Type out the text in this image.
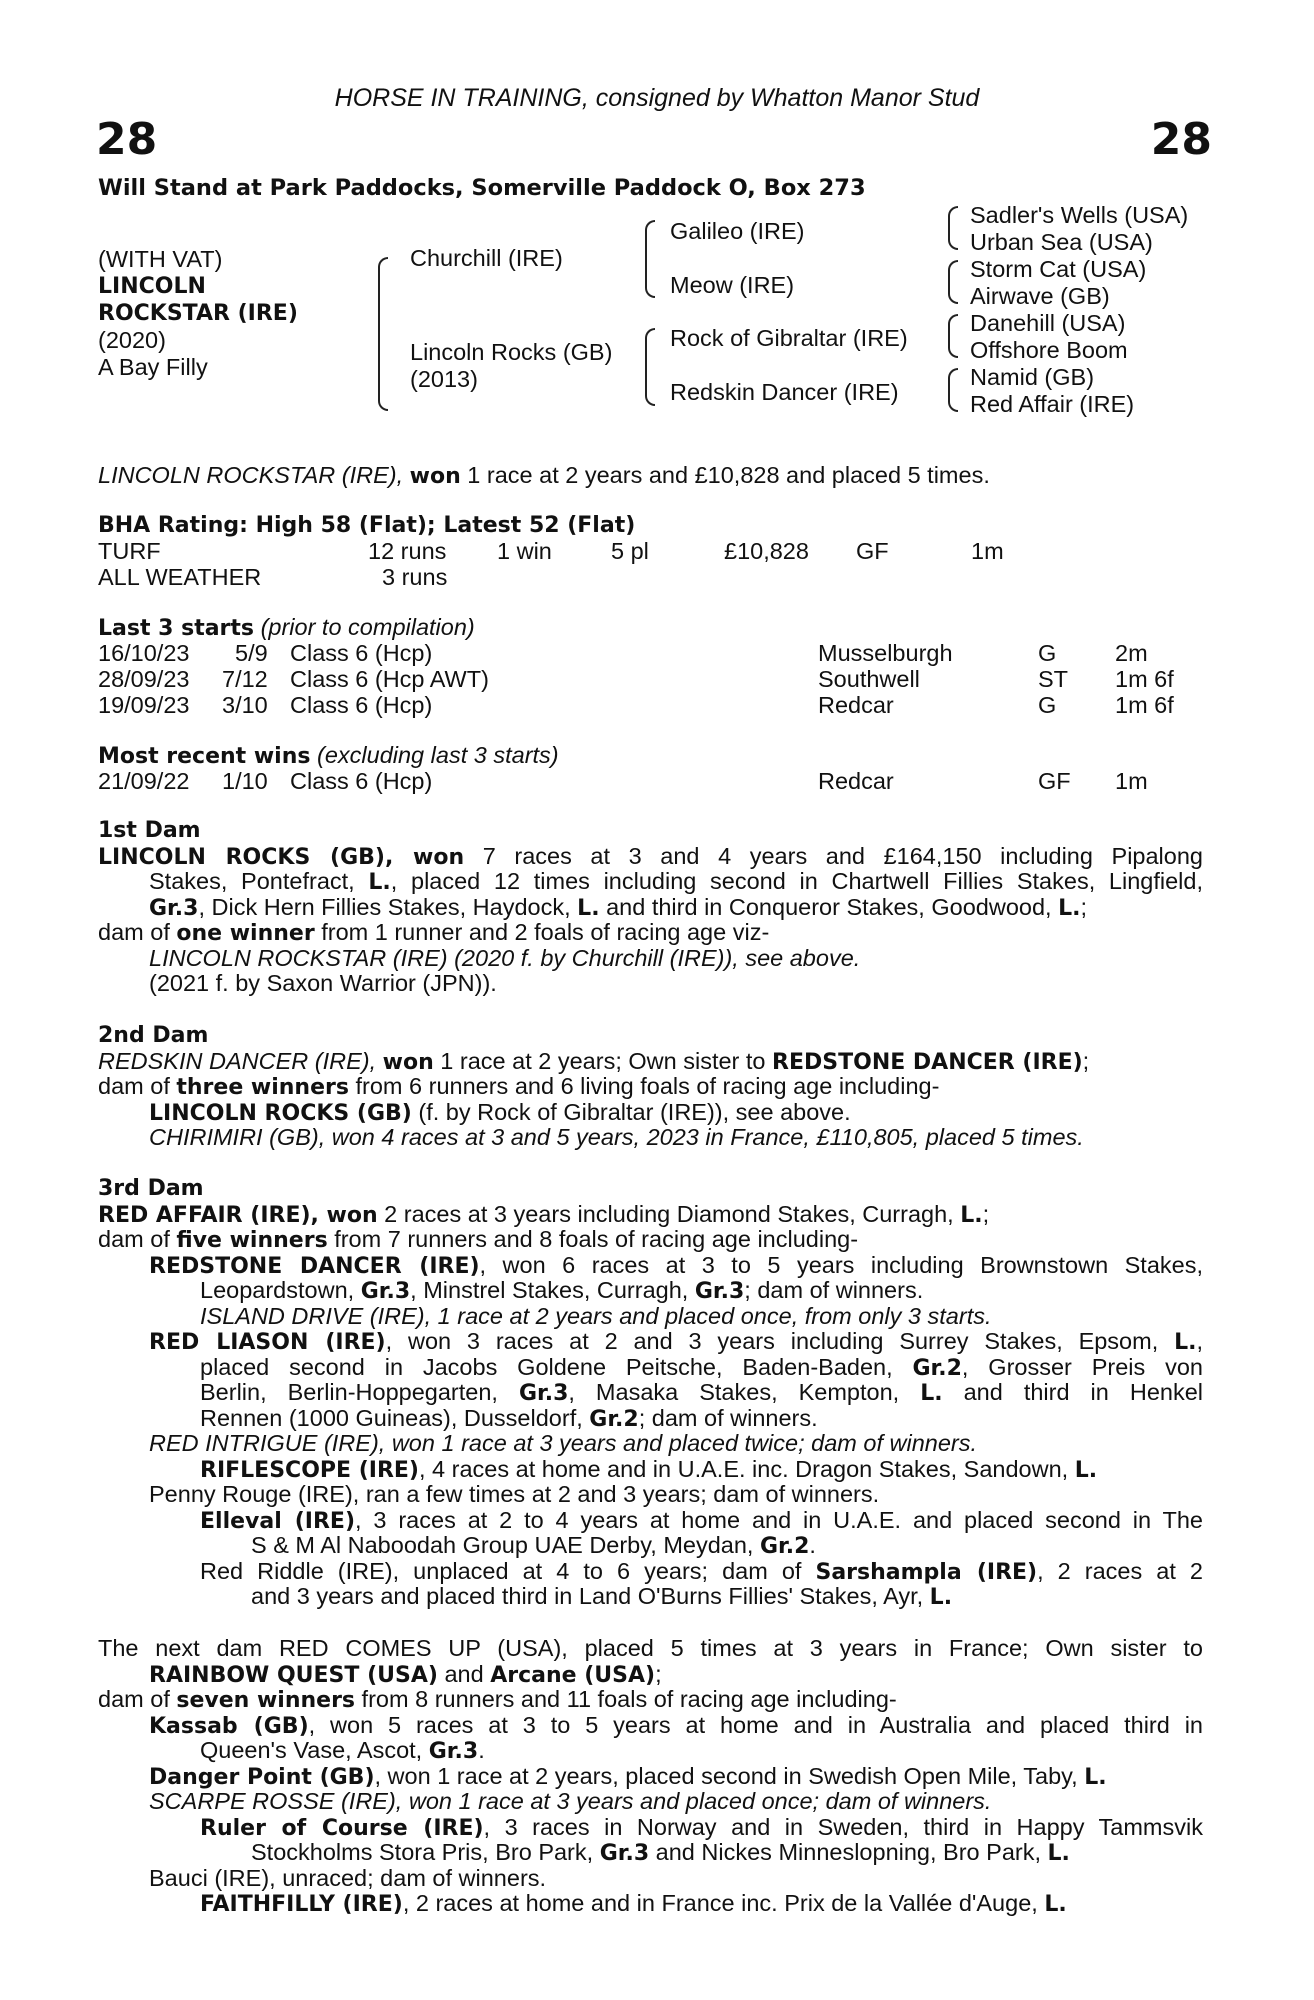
HORSE IN TRAINING, consigned by Whatton Manor Stud
28	28
Will Stand at Park Paddocks, Somerville Paddock O, Box 273
(WITH VAT)
LINCOLN
ROCKSTAR (IRE)
(2020)
A Bay Filly
Churchill (IRE)
Lincoln Rocks (GB)
(2013)
Galileo (IRE)
Meow (IRE)
Rock of Gibraltar (IRE)
Redskin Dancer (IRE)
Sadler's Wells (USA)
Urban Sea (USA)
Storm Cat (USA)
Airwave (GB)
Danehill (USA)
Offshore Boom
Namid (GB)
Red Affair (IRE)
LINCOLN ROCKSTAR (IRE), won 1 race at 2 years and £10,828 and placed 5 times.
BHA Rating: High 58 (Flat); Latest 52 (Flat)
TURF	12 runs 1 win	5 pl	£10,828 GF	1m
ALL WEATHER	3 runs
Last 3 starts (prior to compilation)
16/10/23 5/9 Class 6 (Hcp)	Musselburgh	G 2m
28/09/23 7/12 Class 6 (Hcp AWT)	Southwell	ST 1m 6f
19/09/23 3/10 Class 6 (Hcp)	Redcar	G 1m 6f
Most recent wins (excluding last 3 starts)
21/09/22 1/10 Class 6 (Hcp)	Redcar	GF 1m
1st Dam
LINCOLN ROCKS (GB), won 7 races at 3 and 4 years and £164,150 including Pipalong
Stakes, Pontefract, L., placed 12 times including second in Chartwell Fillies Stakes, Lingfield,
Gr.3, Dick Hern Fillies Stakes, Haydock, L. and third in Conqueror Stakes, Goodwood, L.;
dam of one winner from 1 runner and 2 foals of racing age viz-
LINCOLN ROCKSTAR (IRE) (2020 f. by Churchill (IRE)), see above.
(2021 f. by Saxon Warrior (JPN)).
2nd Dam
REDSKIN DANCER (IRE), won 1 race at 2 years; Own sister to REDSTONE DANCER (IRE);
dam of three winners from 6 runners and 6 living foals of racing age including-
LINCOLN ROCKS (GB) (f. by Rock of Gibraltar (IRE)), see above.
CHIRIMIRI (GB), won 4 races at 3 and 5 years, 2023 in France, £110,805, placed 5 times.
3rd Dam
RED AFFAIR (IRE), won 2 races at 3 years including Diamond Stakes, Curragh, L.;
dam of five winners from 7 runners and 8 foals of racing age including-
REDSTONE DANCER (IRE), won 6 races at 3 to 5 years including Brownstown Stakes,
Leopardstown, Gr.3, Minstrel Stakes, Curragh, Gr.3; dam of winners.
ISLAND DRIVE (IRE), 1 race at 2 years and placed once, from only 3 starts.
RED LIASON (IRE), won 3 races at 2 and 3 years including Surrey Stakes, Epsom, L.,
placed second in Jacobs Goldene Peitsche, Baden-Baden, Gr.2, Grosser Preis von
Berlin, Berlin-Hoppegarten, Gr.3, Masaka Stakes, Kempton, L. and third in Henkel
Rennen (1000 Guineas), Dusseldorf, Gr.2; dam of winners.
RED INTRIGUE (IRE), won 1 race at 3 years and placed twice; dam of winners.
RIFLESCOPE (IRE), 4 races at home and in U.A.E. inc. Dragon Stakes, Sandown, L.
Penny Rouge (IRE), ran a few times at 2 and 3 years; dam of winners.
Elleval (IRE), 3 races at 2 to 4 years at home and in U.A.E. and placed second in The
S & M Al Naboodah Group UAE Derby, Meydan, Gr.2.
Red Riddle (IRE), unplaced at 4 to 6 years; dam of Sarshampla (IRE), 2 races at 2
and 3 years and placed third in Land O'Burns Fillies' Stakes, Ayr, L.
The next dam RED COMES UP (USA), placed 5 times at 3 years in France; Own sister to
RAINBOW QUEST (USA) and Arcane (USA);
dam of seven winners from 8 runners and 11 foals of racing age including-
Kassab (GB), won 5 races at 3 to 5 years at home and in Australia and placed third in
Queen's Vase, Ascot, Gr.3.
Danger Point (GB), won 1 race at 2 years, placed second in Swedish Open Mile, Taby, L.
SCARPE ROSSE (IRE), won 1 race at 3 years and placed once; dam of winners.
Ruler of Course (IRE), 3 races in Norway and in Sweden, third in Happy Tammsvik
Stockholms Stora Pris, Bro Park, Gr.3 and Nickes Minneslopning, Bro Park, L.
Bauci (IRE), unraced; dam of winners.
FAITHFILLY (IRE), 2 races at home and in France inc. Prix de la Vallée d'Auge, L.
